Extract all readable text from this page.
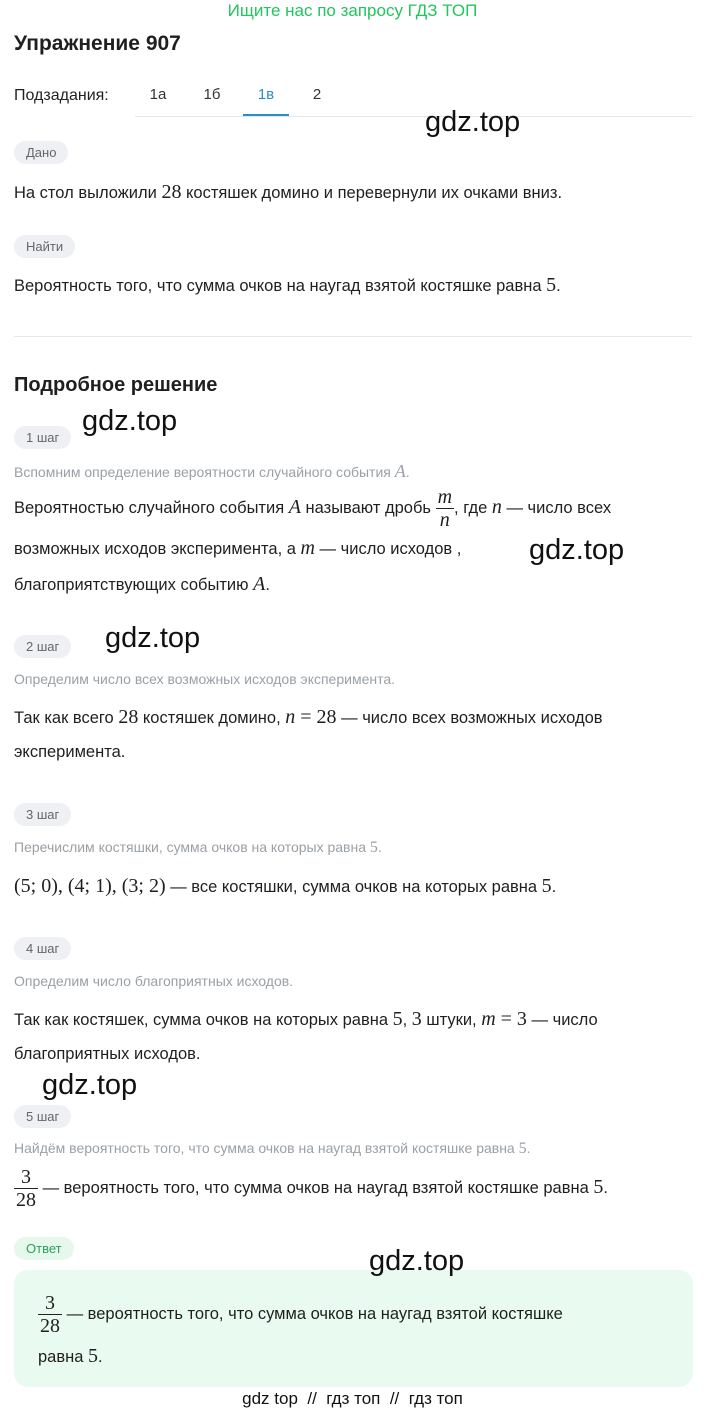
Ищите нас по запросу ГДЗ ТОП
Упражнение 907
Подзадания:	1а	1б	1в	2
gdz.top
Дано
На стол выложили 28 костяшек домино и перевернули их очками вниз.
Найти
Вероятность того, что сумма очков на наугад взятой костяшке равна 5.
Подробное решение
gdz.top
1 шаг
Вспомним определение вероятности случайного события A.
Вероятностью случайного события A называют дробь $\frac{m}{n}$ , где n — число всех
возможных исходов эксперимента, а m — число исходов , gdz.top
благоприятствующих событию A.
gdz.top
2 шаг
Определим число всех возможных исходов эксперимента.
Так как всего 28 костяшек домино, n = 28 — число всех возможных исходов
эксперимента.
3 шаг
Перечислим костяшки, сумма очков на которых равна 5.
(5; 0), (4; 1), (3; 2) — все костяшки, сумма очков на которых равна 5.
4 шаг
Определим число благоприятных исходов.
Так как костяшек, сумма очков на которых равна 5, 3 штуки, m = 3 — число
благоприятных исходов.
gdz.top
5 шаг
Найдём вероятность того, что сумма очков на наугад взятой костяшке равна 5.
$\frac{3}{28}$ — вероятность того, что сумма очков на наугад взятой костяшке равна 5.
Ответ	gdz.top
$\frac{3}{28}$ — вероятность того, что сумма очков на наугад взятой костяшке
равна 5.
gdz top  //  гдз топ  //  гдз топ
